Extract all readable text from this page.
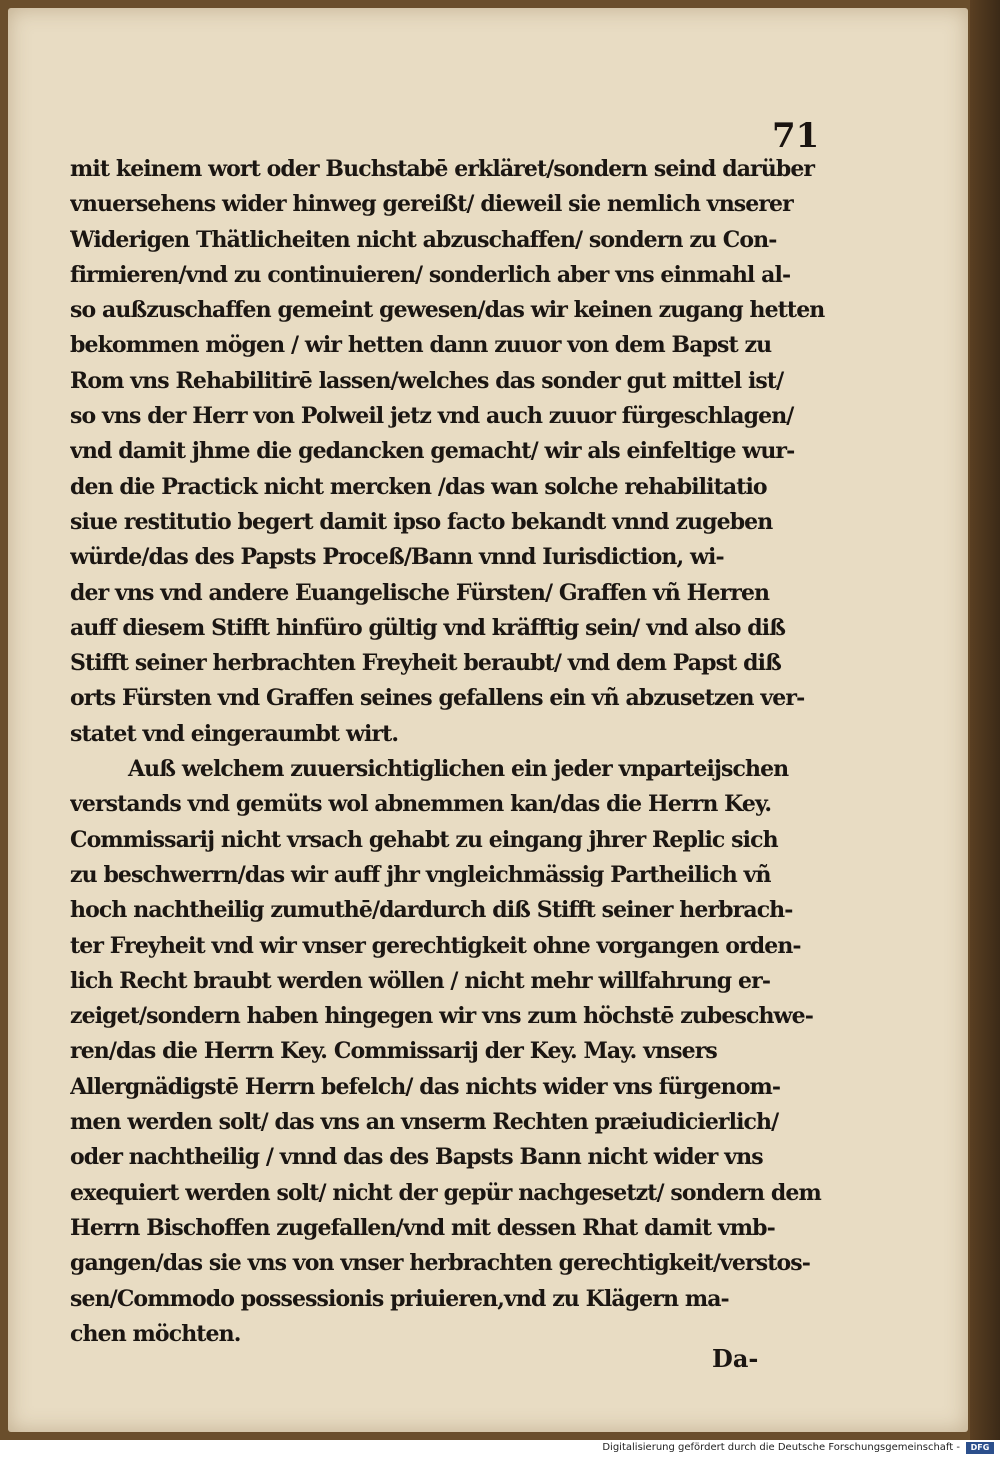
71
mit keinem wort oder Buchstabē erkläret/sondern seind darüber
vnuersehens wider hinweg gereißt/ dieweil sie nemlich vnserer
Widerigen Thätlicheiten nicht abzuschaffen/ sondern zu Con-
firmieren/vnd zu continuieren/ sonderlich aber vns einmahl al-
so außzuschaffen gemeint gewesen/das wir keinen zugang hetten
bekommen mögen / wir hetten dann zuuor von dem Bapst zu
Rom vns Rehabilitirē lassen/welches das sonder gut mittel ist/
so vns der Herr von Polweil jetz vnd auch zuuor fürgeschlagen/
vnd damit jhme die gedancken gemacht/ wir als einfeltige wur-
den die Practick nicht mercken /das wan solche rehabilitatio
siue restitutio begert damit ipso facto bekandt vnnd zugeben
würde/das des Papsts Proceß/Bann vnnd Iurisdiction, wi-
der vns vnd andere Euangelische Fürsten/ Graffen vñ Herren
auff diesem Stifft hinfüro gültig vnd kräfftig sein/ vnd also diß
Stifft seiner herbrachten Freyheit beraubt/ vnd dem Papst diß
orts Fürsten vnd Graffen seines gefallens ein vñ abzusetzen ver-
statet vnd eingeraumbt wirt.
Auß welchem zuuersichtiglichen ein jeder vnparteijschen
verstands vnd gemüts wol abnemmen kan/das die Herrn Key.
Commissarij nicht vrsach gehabt zu eingang jhrer Replic sich
zu beschwerrn/das wir auff jhr vngleichmässig Partheilich vñ
hoch nachtheilig zumuthē/dardurch diß Stifft seiner herbrach-
ter Freyheit vnd wir vnser gerechtigkeit ohne vorgangen orden-
lich Recht braubt werden wöllen / nicht mehr willfahrung er-
zeiget/sondern haben hingegen wir vns zum höchstē zubeschwe-
ren/das die Herrn Key. Commissarij der Key. May. vnsers
Allergnädigstē Herrn befelch/ das nichts wider vns fürgenom-
men werden solt/ das vns an vnserm Rechten præiudicierlich/
oder nachtheilig / vnnd das des Bapsts Bann nicht wider vns
exequiert werden solt/ nicht der gepür nachgesetzt/ sondern dem
Herrn Bischoffen zugefallen/vnd mit dessen Rhat damit vmb-
gangen/das sie vns von vnser herbrachten gerechtigkeit/verstos-
sen/Commodo possessionis priuieren,vnd zu Klägern ma-
chen möchten.
Da-
Digitalisierung gefördert durch die Deutsche Forschungsgemeinschaft -	DFG
